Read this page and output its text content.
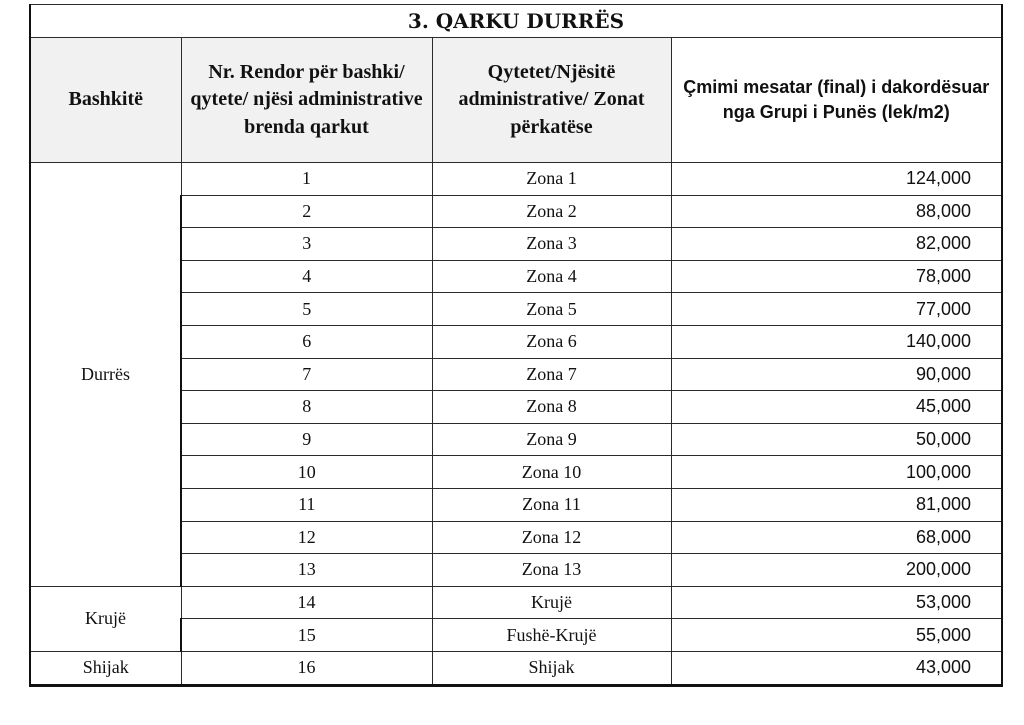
3. QARKU DURRËS			
Bashkitë	Nr. Rendor për bashki/ qytete/ njësi administrative brenda qarkut	Qytetet/Njësitë administrative/ Zonat përkatëse	Çmimi mesatar (final) i dakordësuar nga Grupi i Punës (lek/m2)
Durrës	1	Zona 1	124,000
	2	Zona 2	88,000
	3	Zona 3	82,000
	4	Zona 4	78,000
	5	Zona 5	77,000
	6	Zona 6	140,000
	7	Zona 7	90,000
	8	Zona 8	45,000
	9	Zona 9	50,000
	10	Zona 10	100,000
	11	Zona 11	81,000
	12	Zona 12	68,000
	13	Zona 13	200,000
Krujë	14	Krujë	53,000
	15	Fushë-Krujë	55,000
Shijak	16	Shijak	43,000
